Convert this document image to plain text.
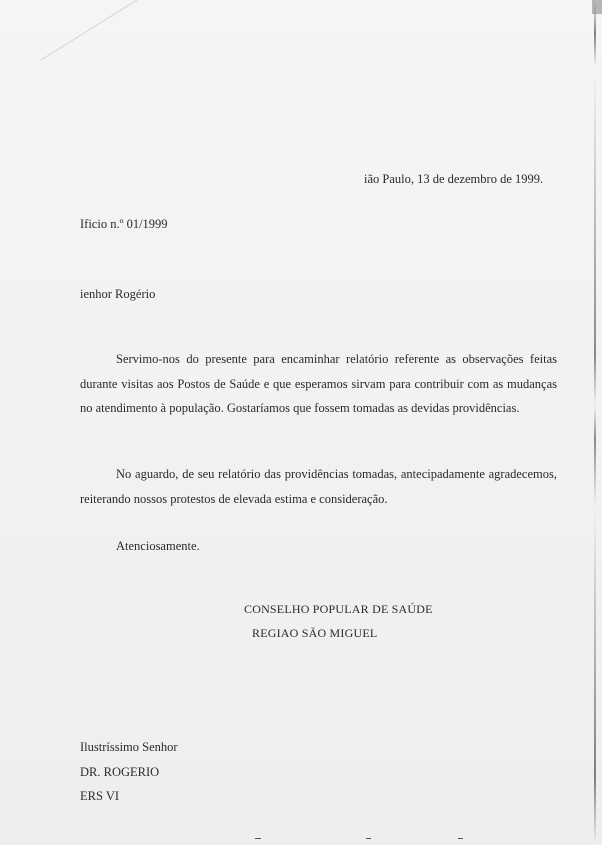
ião Paulo, 13 de dezembro de 1999.
Ificio n.º 01/1999
ienhor Rogério
Servimo-nos do presente para encaminhar relatório referente as observações feitas durante visitas aos Postos de Saúde e que esperamos sirvam para contribuir com as mudanças no atendimento à população. Gostaríamos que fossem tomadas as devidas providências.
No aguardo, de seu relatório das providências tomadas, antecipadamente agradecemos, reiterando nossos protestos de elevada estima e consideração.
Atenciosamente.
CONSELHO POPULAR DE SAÚDE
REGIAO SÃO MIGUEL
Ilustríssimo Senhor
DR. ROGERIO
ERS VI
